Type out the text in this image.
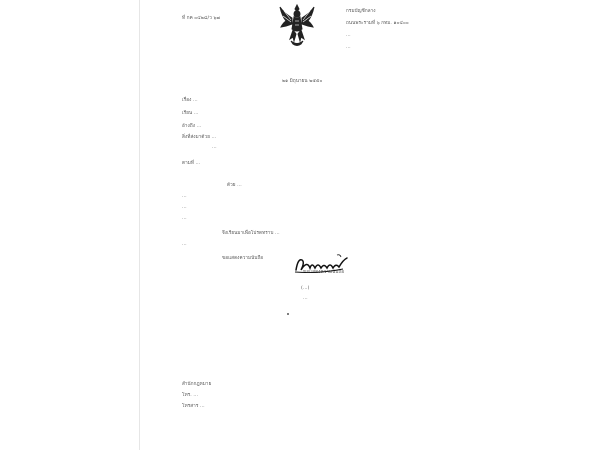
ที่ กค ๐๔๒๘/ว ๖๗
กรมบัญชีกลาง
ถนนพระรามที่ ๖ กทม. ๑๐๔๐๐
...
...
๒๑ มิถุนายน ๒๕๕๐
เรื่อง ...
เรียน ...
อ้างถึง ...
สิ่งที่ส่งมาด้วย ...
...
ตามที่ ...
ด้วย ...
...
...
...
จึงเรียนมาเพื่อโปรดทราบ ...
...
ขอแสดงความนับถือ
ขอแสดงความนับถือ
(...)
...
สำนักกฎหมาย
โทร. ...
โทรสาร ...
